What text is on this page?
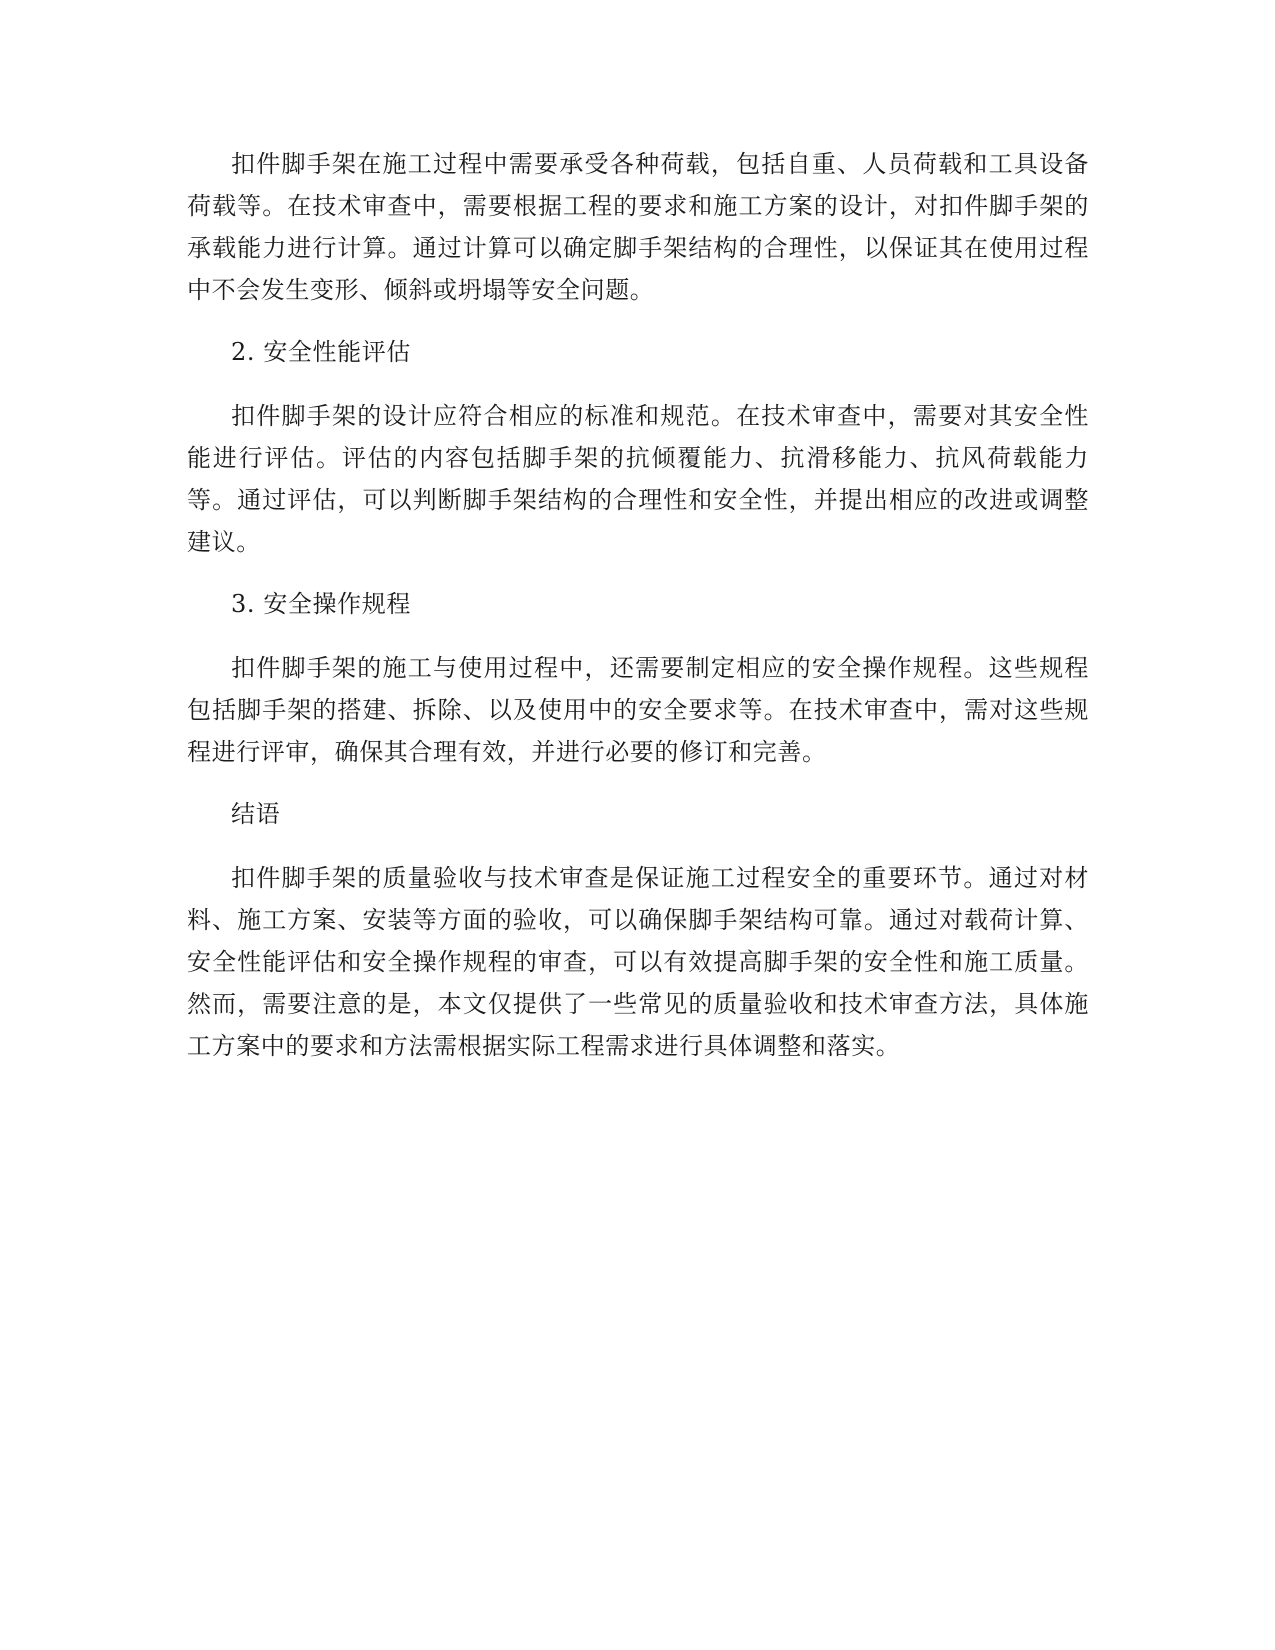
扣件脚手架在施工过程中需要承受各种荷载，包括自重、人员荷载和工具设备荷载等。在技术审查中，需要根据工程的要求和施工方案的设计，对扣件脚手架的承载能力进行计算。通过计算可以确定脚手架结构的合理性，以保证其在使用过程中不会发生变形、倾斜或坍塌等安全问题。

2. 安全性能评估

扣件脚手架的设计应符合相应的标准和规范。在技术审查中，需要对其安全性能进行评估。评估的内容包括脚手架的抗倾覆能力、抗滑移能力、抗风荷载能力等。通过评估，可以判断脚手架结构的合理性和安全性，并提出相应的改进或调整建议。

3. 安全操作规程

扣件脚手架的施工与使用过程中，还需要制定相应的安全操作规程。这些规程包括脚手架的搭建、拆除、以及使用中的安全要求等。在技术审查中，需对这些规程进行评审，确保其合理有效，并进行必要的修订和完善。

结语

扣件脚手架的质量验收与技术审查是保证施工过程安全的重要环节。通过对材料、施工方案、安装等方面的验收，可以确保脚手架结构可靠。通过对载荷计算、安全性能评估和安全操作规程的审查，可以有效提高脚手架的安全性和施工质量。然而，需要注意的是，本文仅提供了一些常见的质量验收和技术审查方法，具体施工方案中的要求和方法需根据实际工程需求进行具体调整和落实。
